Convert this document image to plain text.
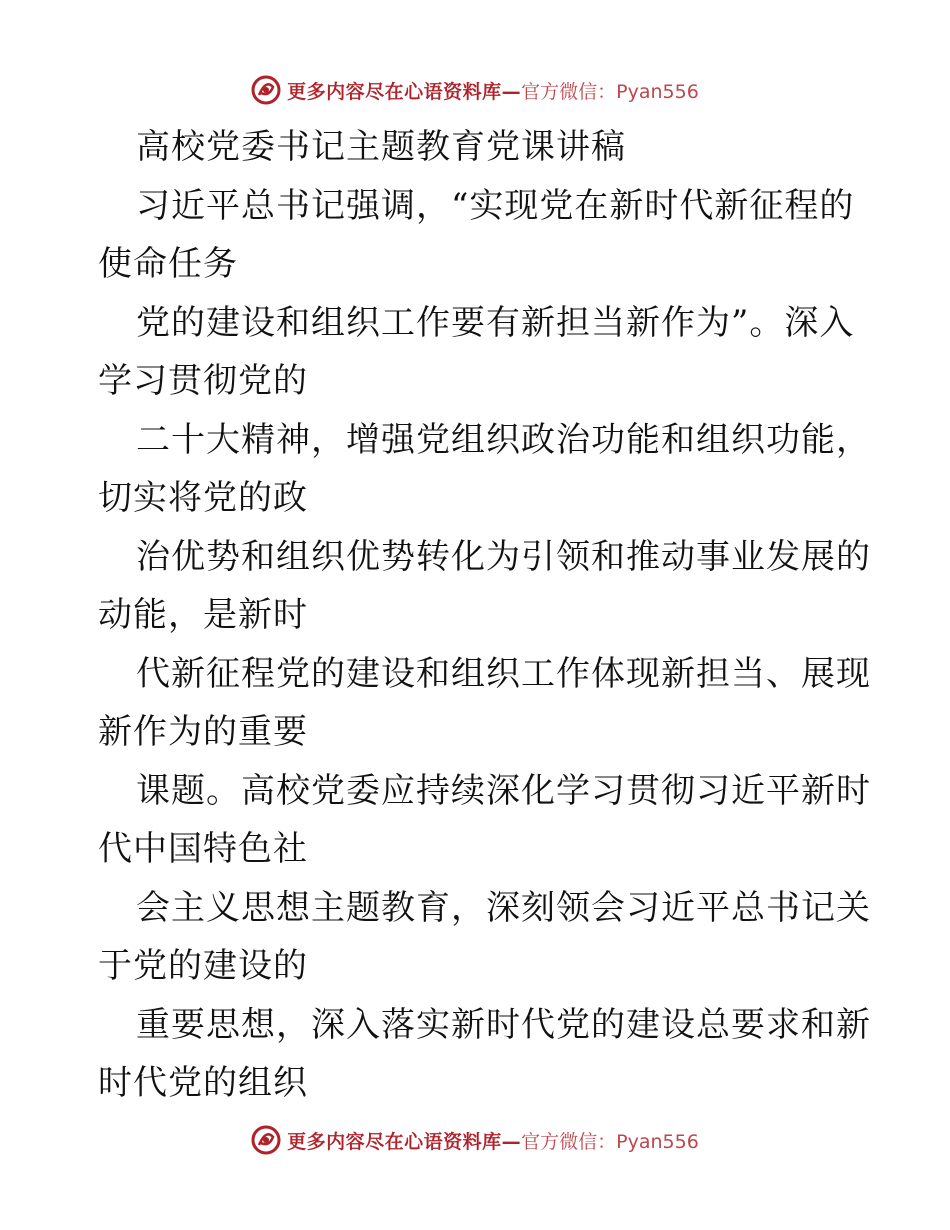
更多内容尽在心语资料库— 官方微信：Pyan556
高校党委书记主题教育党课讲稿
习近平总书记强调，“实现党在新时代新征程的
使命任务
党的建设和组织工作要有新担当新作为”。深入
学习贯彻党的
二十大精神，增强党组织政治功能和组织功能，
切实将党的政
治优势和组织优势转化为引领和推动事业发展的
动能，是新时
代新征程党的建设和组织工作体现新担当、展现
新作为的重要
课题。高校党委应持续深化学习贯彻习近平新时
代中国特色社
会主义思想主题教育，深刻领会习近平总书记关
于党的建设的
重要思想，深入落实新时代党的建设总要求和新
时代党的组织
更多内容尽在心语资料库— 官方微信：Pyan556
